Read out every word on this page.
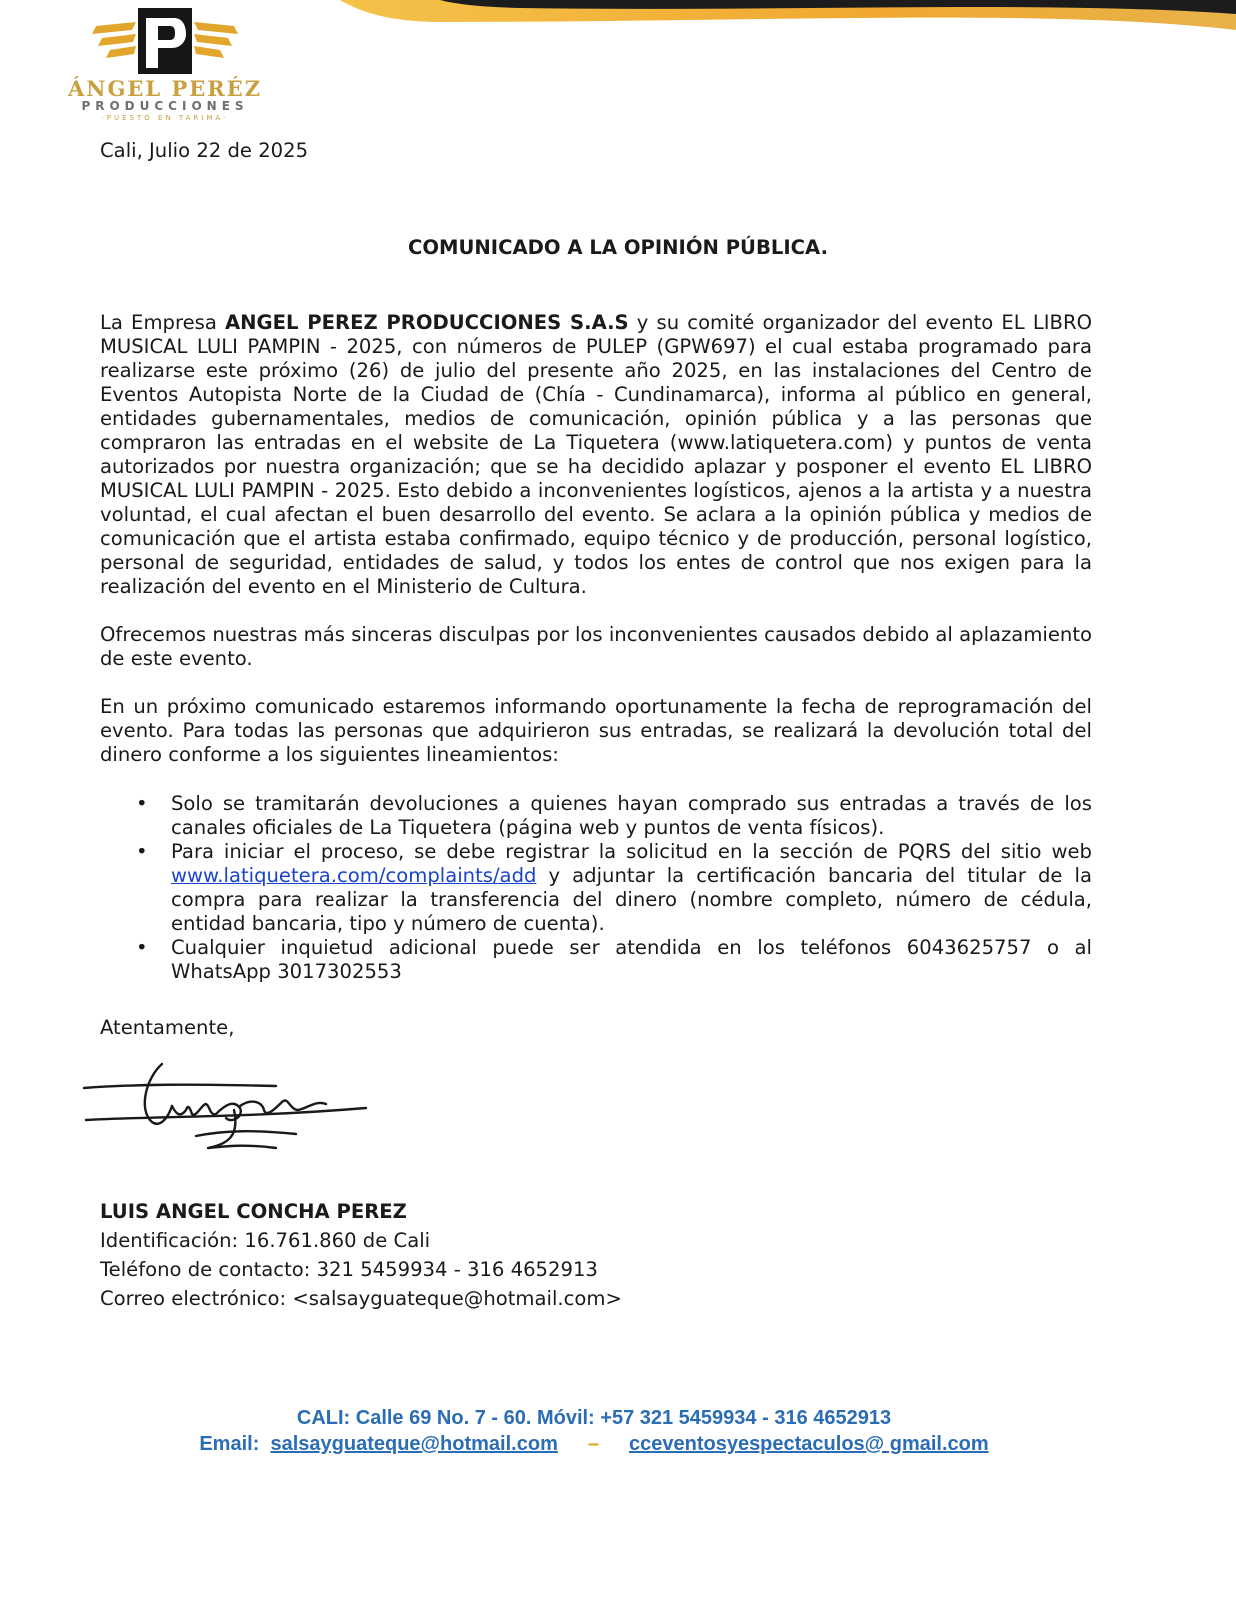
ÁNGEL PERÉZ
PRODUCCIONES
·PUESTO EN TARIMA·
Cali, Julio 22 de 2025
COMUNICADO A LA OPINIÓN PÚBLICA.

La Empresa ANGEL PEREZ PRODUCCIONES S.A.S y su comité organizador del evento EL LIBRO MUSICAL LULI PAMPIN - 2025, con números de PULEP (GPW697) el cual estaba programado para realizarse este próximo (26) de julio del presente año 2025, en las instalaciones del Centro de Eventos Autopista Norte de la Ciudad de (Chía - Cundinamarca), informa al público en general, entidades gubernamentales, medios de comunicación, opinión pública y a las personas que compraron las entradas en el website de La Tiquetera (www.latiquetera.com) y puntos de venta autorizados por nuestra organización; que se ha decidido aplazar y posponer el evento EL LIBRO MUSICAL LULI PAMPIN - 2025. Esto debido a inconvenientes logísticos, ajenos a la artista y a nuestra voluntad, el cual afectan el buen desarrollo del evento. Se aclara a la opinión pública y medios de comunicación que el artista estaba confirmado, equipo técnico y de producción, personal logístico, personal de seguridad, entidades de salud, y todos los entes de control que nos exigen para la realización del evento en el Ministerio de Cultura.

Ofrecemos nuestras más sinceras disculpas por los inconvenientes causados debido al aplazamiento de este evento.

En un próximo comunicado estaremos informando oportunamente la fecha de reprogramación del evento. Para todas las personas que adquirieron sus entradas, se realizará la devolución total del dinero conforme a los siguientes lineamientos:

• Solo se tramitarán devoluciones a quienes hayan comprado sus entradas a través de los canales oficiales de La Tiquetera (página web y puntos de venta físicos).
• Para iniciar el proceso, se debe registrar la solicitud en la sección de PQRS del sitio web www.latiquetera.com/complaints/add y adjuntar la certificación bancaria del titular de la compra para realizar la transferencia del dinero (nombre completo, número de cédula, entidad bancaria, tipo y número de cuenta).
• Cualquier inquietud adicional puede ser atendida en los teléfonos 6043625757 o al WhatsApp 3017302553
Atentamente,
LUIS ANGEL CONCHA PEREZ
Identificación: 16.761.860 de Cali
Teléfono de contacto: 321 5459934 - 316 4652913
Correo electrónico: <salsayguateque@hotmail.com>
CALI: Calle 69 No. 7 - 60. Móvil: +57 321 5459934 - 316 4652913
Email: salsayguateque@hotmail.com – cceventosyespectaculos@ gmail.com
